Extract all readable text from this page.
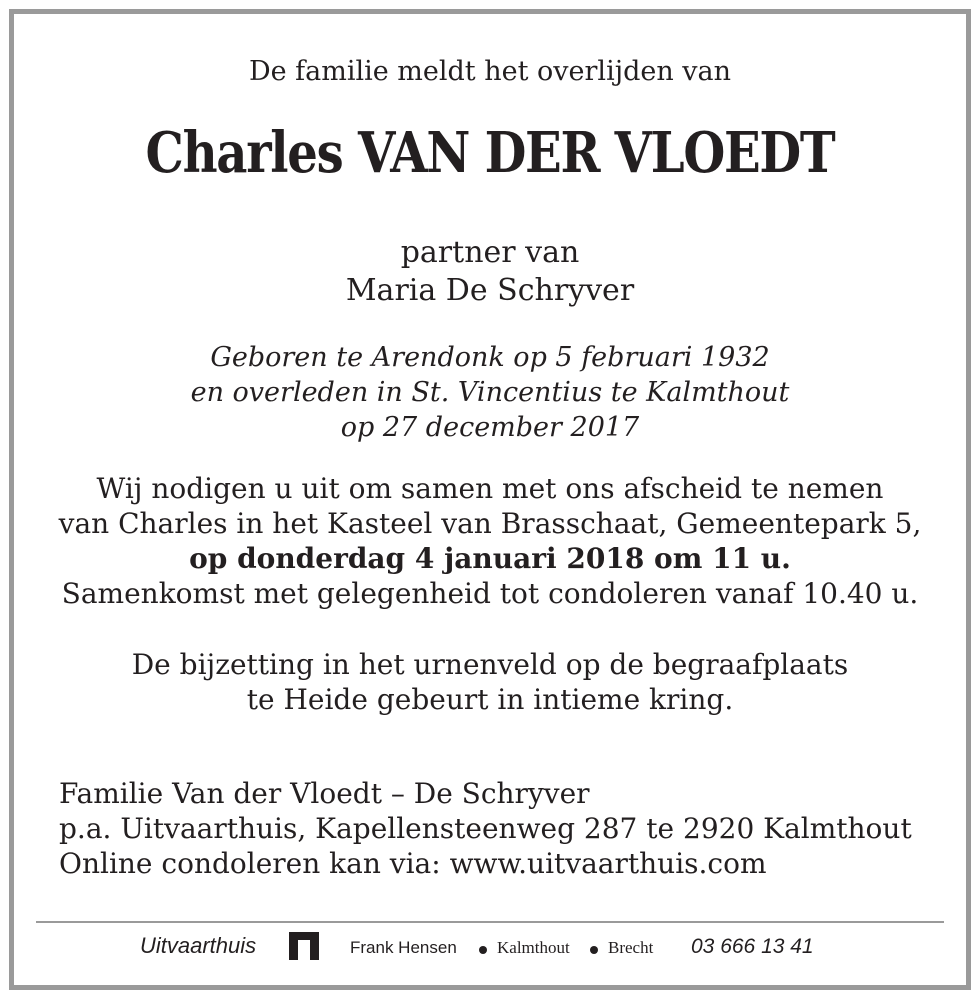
De familie meldt het overlijden van
Charles VAN DER VLOEDT
partner van
Maria De Schryver
Geboren te Arendonk op 5 februari 1932
en overleden in St. Vincentius te Kalmthout
op 27 december 2017
Wij nodigen u uit om samen met ons afscheid te nemen
van Charles in het Kasteel van Brasschaat, Gemeentepark 5,
op donderdag 4 januari 2018 om 11 u.
Samenkomst met gelegenheid tot condoleren vanaf 10.40 u.
De bijzetting in het urnenveld op de begraafplaats
te Heide gebeurt in intieme kring.
Familie Van der Vloedt – De Schryver
p.a. Uitvaarthuis, Kapellensteenweg 287 te 2920 Kalmthout
Online condoleren kan via: www.uitvaarthuis.com
Uitvaarthuis	Frank Hensen Kalmthout Brecht 03 666 13 41
